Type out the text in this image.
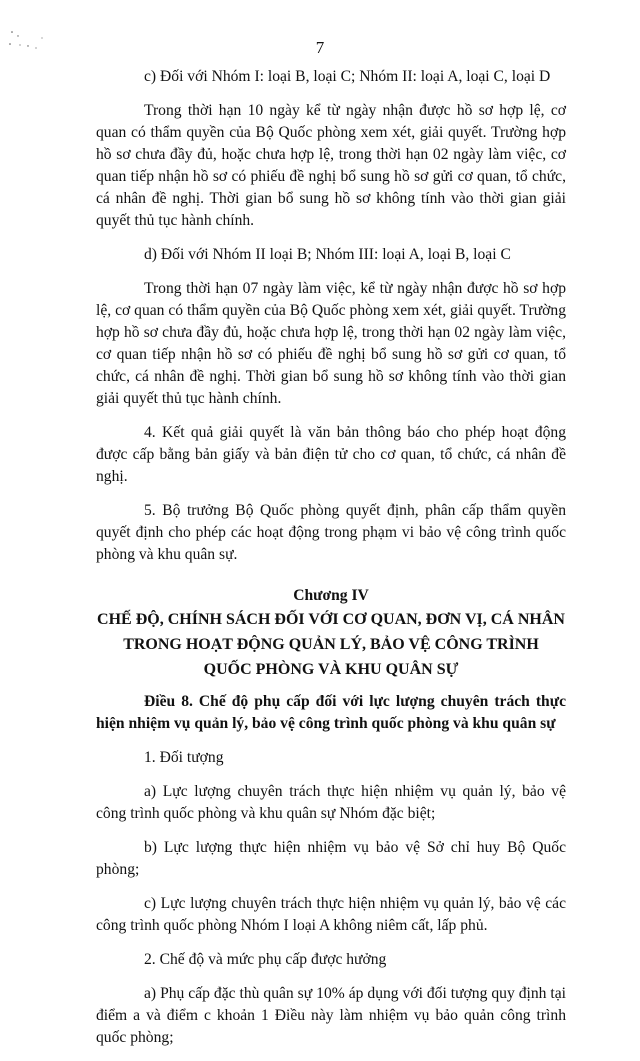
7

c) Đối với Nhóm I: loại B, loại C; Nhóm II: loại A, loại C, loại D

Trong thời hạn 10 ngày kể từ ngày nhận được hồ sơ hợp lệ, cơ quan có thẩm quyền của Bộ Quốc phòng xem xét, giải quyết. Trường hợp hồ sơ chưa đầy đủ, hoặc chưa hợp lệ, trong thời hạn 02 ngày làm việc, cơ quan tiếp nhận hồ sơ có phiếu đề nghị bổ sung hồ sơ gửi cơ quan, tổ chức, cá nhân đề nghị. Thời gian bổ sung hồ sơ không tính vào thời gian giải quyết thủ tục hành chính.

d) Đối với Nhóm II loại B; Nhóm III: loại A, loại B, loại C

Trong thời hạn 07 ngày làm việc, kể từ ngày nhận được hồ sơ hợp lệ, cơ quan có thẩm quyền của Bộ Quốc phòng xem xét, giải quyết. Trường hợp hồ sơ chưa đầy đủ, hoặc chưa hợp lệ, trong thời hạn 02 ngày làm việc, cơ quan tiếp nhận hồ sơ có phiếu đề nghị bổ sung hồ sơ gửi cơ quan, tổ chức, cá nhân đề nghị. Thời gian bổ sung hồ sơ không tính vào thời gian giải quyết thủ tục hành chính.

4. Kết quả giải quyết là văn bản thông báo cho phép hoạt động được cấp bằng bản giấy và bản điện tử cho cơ quan, tổ chức, cá nhân đề nghị.

5. Bộ trưởng Bộ Quốc phòng quyết định, phân cấp thẩm quyền quyết định cho phép các hoạt động trong phạm vi bảo vệ công trình quốc phòng và khu quân sự.

Chương IV
CHẾ ĐỘ, CHÍNH SÁCH ĐỐI VỚI CƠ QUAN, ĐƠN VỊ, CÁ NHÂN
TRONG HOẠT ĐỘNG QUẢN LÝ, BẢO VỆ CÔNG TRÌNH
QUỐC PHÒNG VÀ KHU QUÂN SỰ

Điều 8. Chế độ phụ cấp đối với lực lượng chuyên trách thực hiện nhiệm vụ quản lý, bảo vệ công trình quốc phòng và khu quân sự

1. Đối tượng

a) Lực lượng chuyên trách thực hiện nhiệm vụ quản lý, bảo vệ công trình quốc phòng và khu quân sự Nhóm đặc biệt;

b) Lực lượng thực hiện nhiệm vụ bảo vệ Sở chỉ huy Bộ Quốc phòng;

c) Lực lượng chuyên trách thực hiện nhiệm vụ quản lý, bảo vệ các công trình quốc phòng Nhóm I loại A không niêm cất, lấp phủ.

2. Chế độ và mức phụ cấp được hưởng

a) Phụ cấp đặc thù quân sự 10% áp dụng với đối tượng quy định tại điểm a và điểm c khoản 1 Điều này làm nhiệm vụ bảo quản công trình quốc phòng;
